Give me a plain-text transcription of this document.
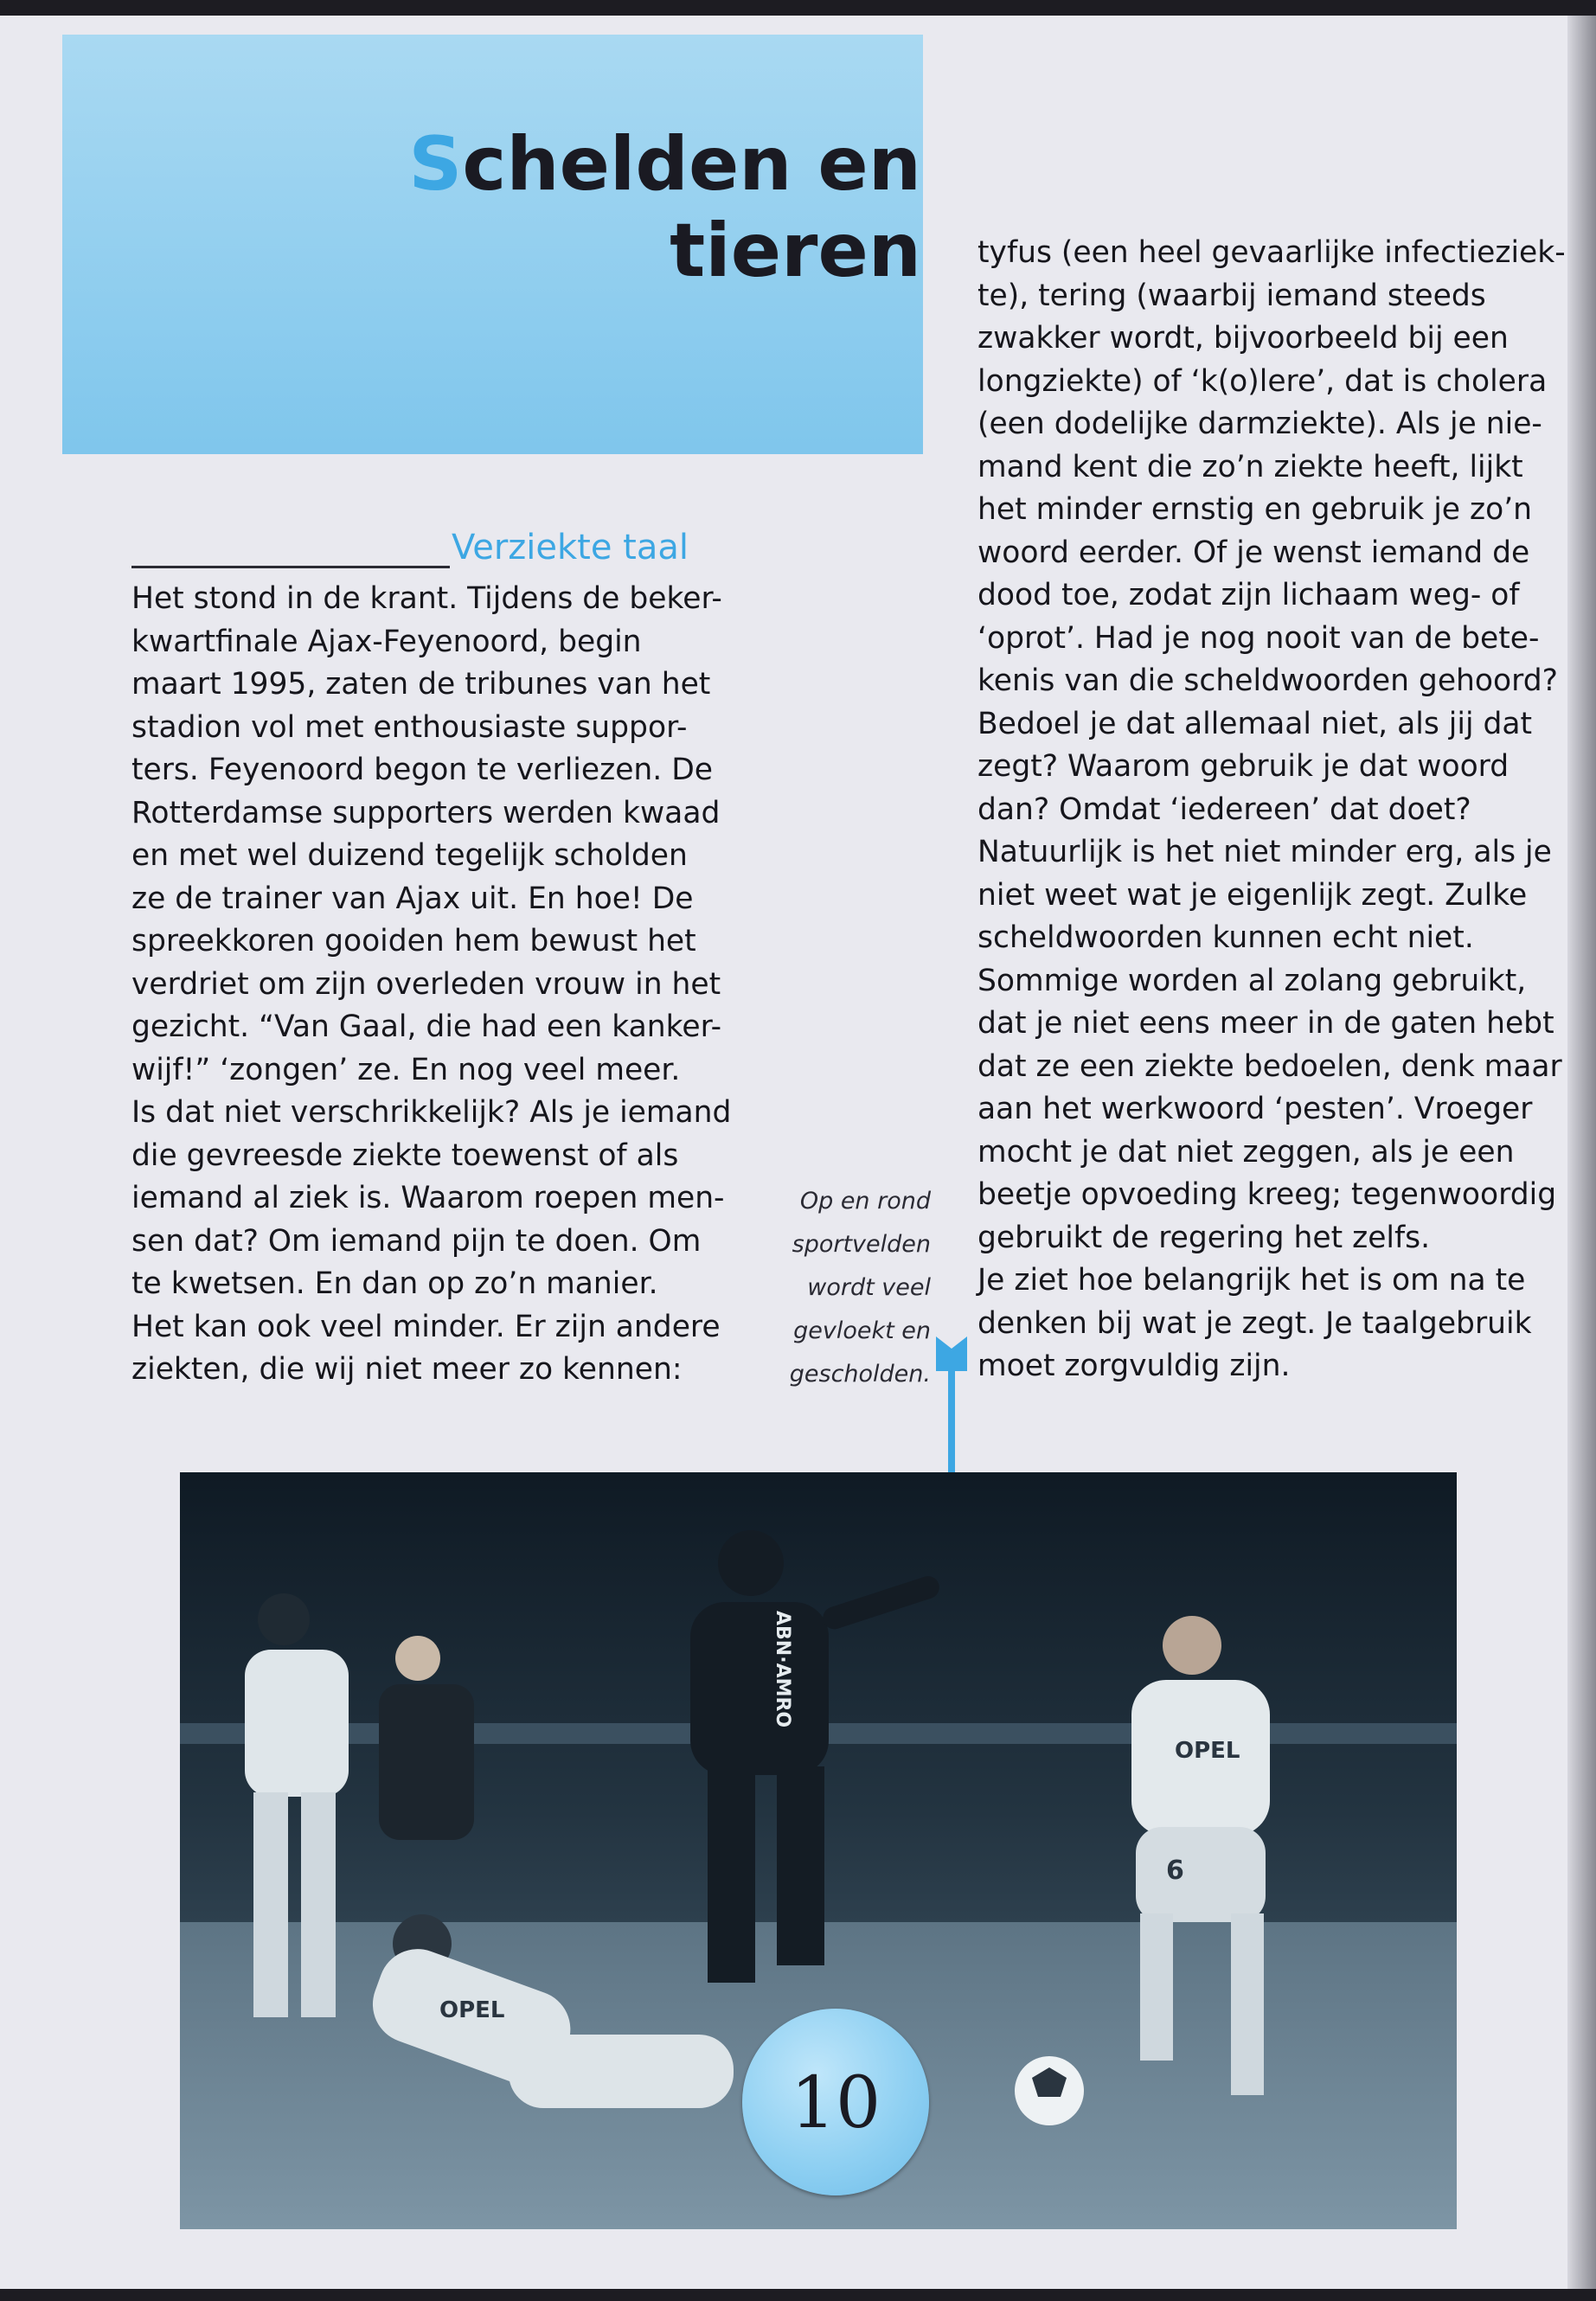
Schelden en
tieren
Verziekte taal
Het stond in de krant. Tijdens de beker-
kwartfinale Ajax-Feyenoord, begin
maart 1995, zaten de tribunes van het
stadion vol met enthousiaste suppor-
ters. Feyenoord begon te verliezen. De
Rotterdamse supporters werden kwaad
en met wel duizend tegelijk scholden
ze de trainer van Ajax uit. En hoe! De
spreekkoren gooiden hem bewust het
verdriet om zijn overleden vrouw in het
gezicht. “Van Gaal, die had een kanker-
wijf!” ‘zongen’ ze. En nog veel meer.
Is dat niet verschrikkelijk? Als je iemand
die gevreesde ziekte toewenst of als
iemand al ziek is. Waarom roepen men-
sen dat? Om iemand pijn te doen. Om
te kwetsen. En dan op zo’n manier.
Het kan ook veel minder. Er zijn andere
ziekten, die wij niet meer zo kennen:
tyfus (een heel gevaarlijke infectieziek-
te), tering (waarbij iemand steeds
zwakker wordt, bijvoorbeeld bij een
longziekte) of ‘k(o)lere’, dat is cholera
(een dodelijke darmziekte). Als je nie-
mand kent die zo’n ziekte heeft, lijkt
het minder ernstig en gebruik je zo’n
woord eerder. Of je wenst iemand de
dood toe, zodat zijn lichaam weg- of
‘oprot’. Had je nog nooit van de bete-
kenis van die scheldwoorden gehoord?
Bedoel je dat allemaal niet, als jij dat
zegt? Waarom gebruik je dat woord
dan? Omdat ‘iedereen’ dat doet?
Natuurlijk is het niet minder erg, als je
niet weet wat je eigenlijk zegt. Zulke
scheldwoorden kunnen echt niet.
Sommige worden al zolang gebruikt,
dat je niet eens meer in de gaten hebt
dat ze een ziekte bedoelen, denk maar
aan het werkwoord ‘pesten’. Vroeger
mocht je dat niet zeggen, als je een
beetje opvoeding kreeg; tegenwoordig
gebruikt de regering het zelfs.
Je ziet hoe belangrijk het is om na te
denken bij wat je zegt. Je taalgebruik
moet zorgvuldig zijn.
Op en rond
sportvelden
wordt veel
gevloekt en
gescholden.
ABN·AMRO
OPEL
OPEL
6
10
